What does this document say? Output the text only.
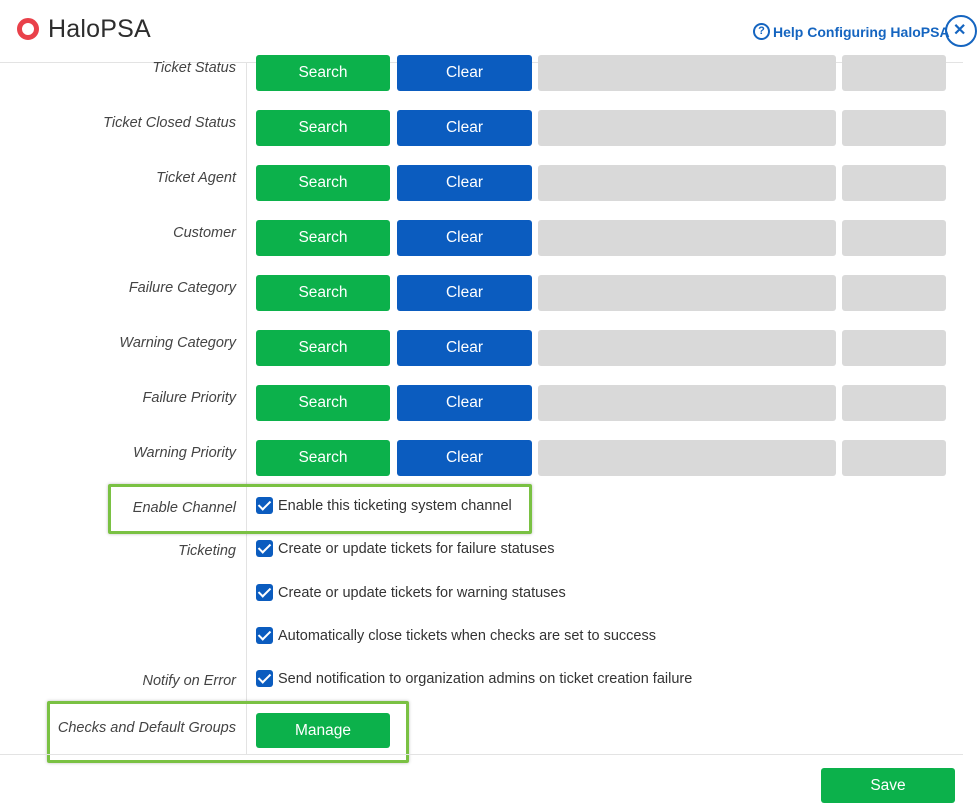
HaloPSA	? Help Configuring HaloPSA ✕
Ticket Status	Search	Clear
Ticket Closed Status	Search	Clear
Ticket Agent	Search	Clear
Customer	Search	Clear
Failure Category	Search	Clear
Warning Category	Search	Clear
Failure Priority	Search	Clear
Warning Priority	Search	Clear
Enable Channel	Enable this ticketing system channel
Ticketing	Create or update tickets for failure statuses
Create or update tickets for warning statuses
Automatically close tickets when checks are set to success
Notify on Error	Send notification to organization admins on ticket creation failure
Checks and Default Groups	Manage
Save
